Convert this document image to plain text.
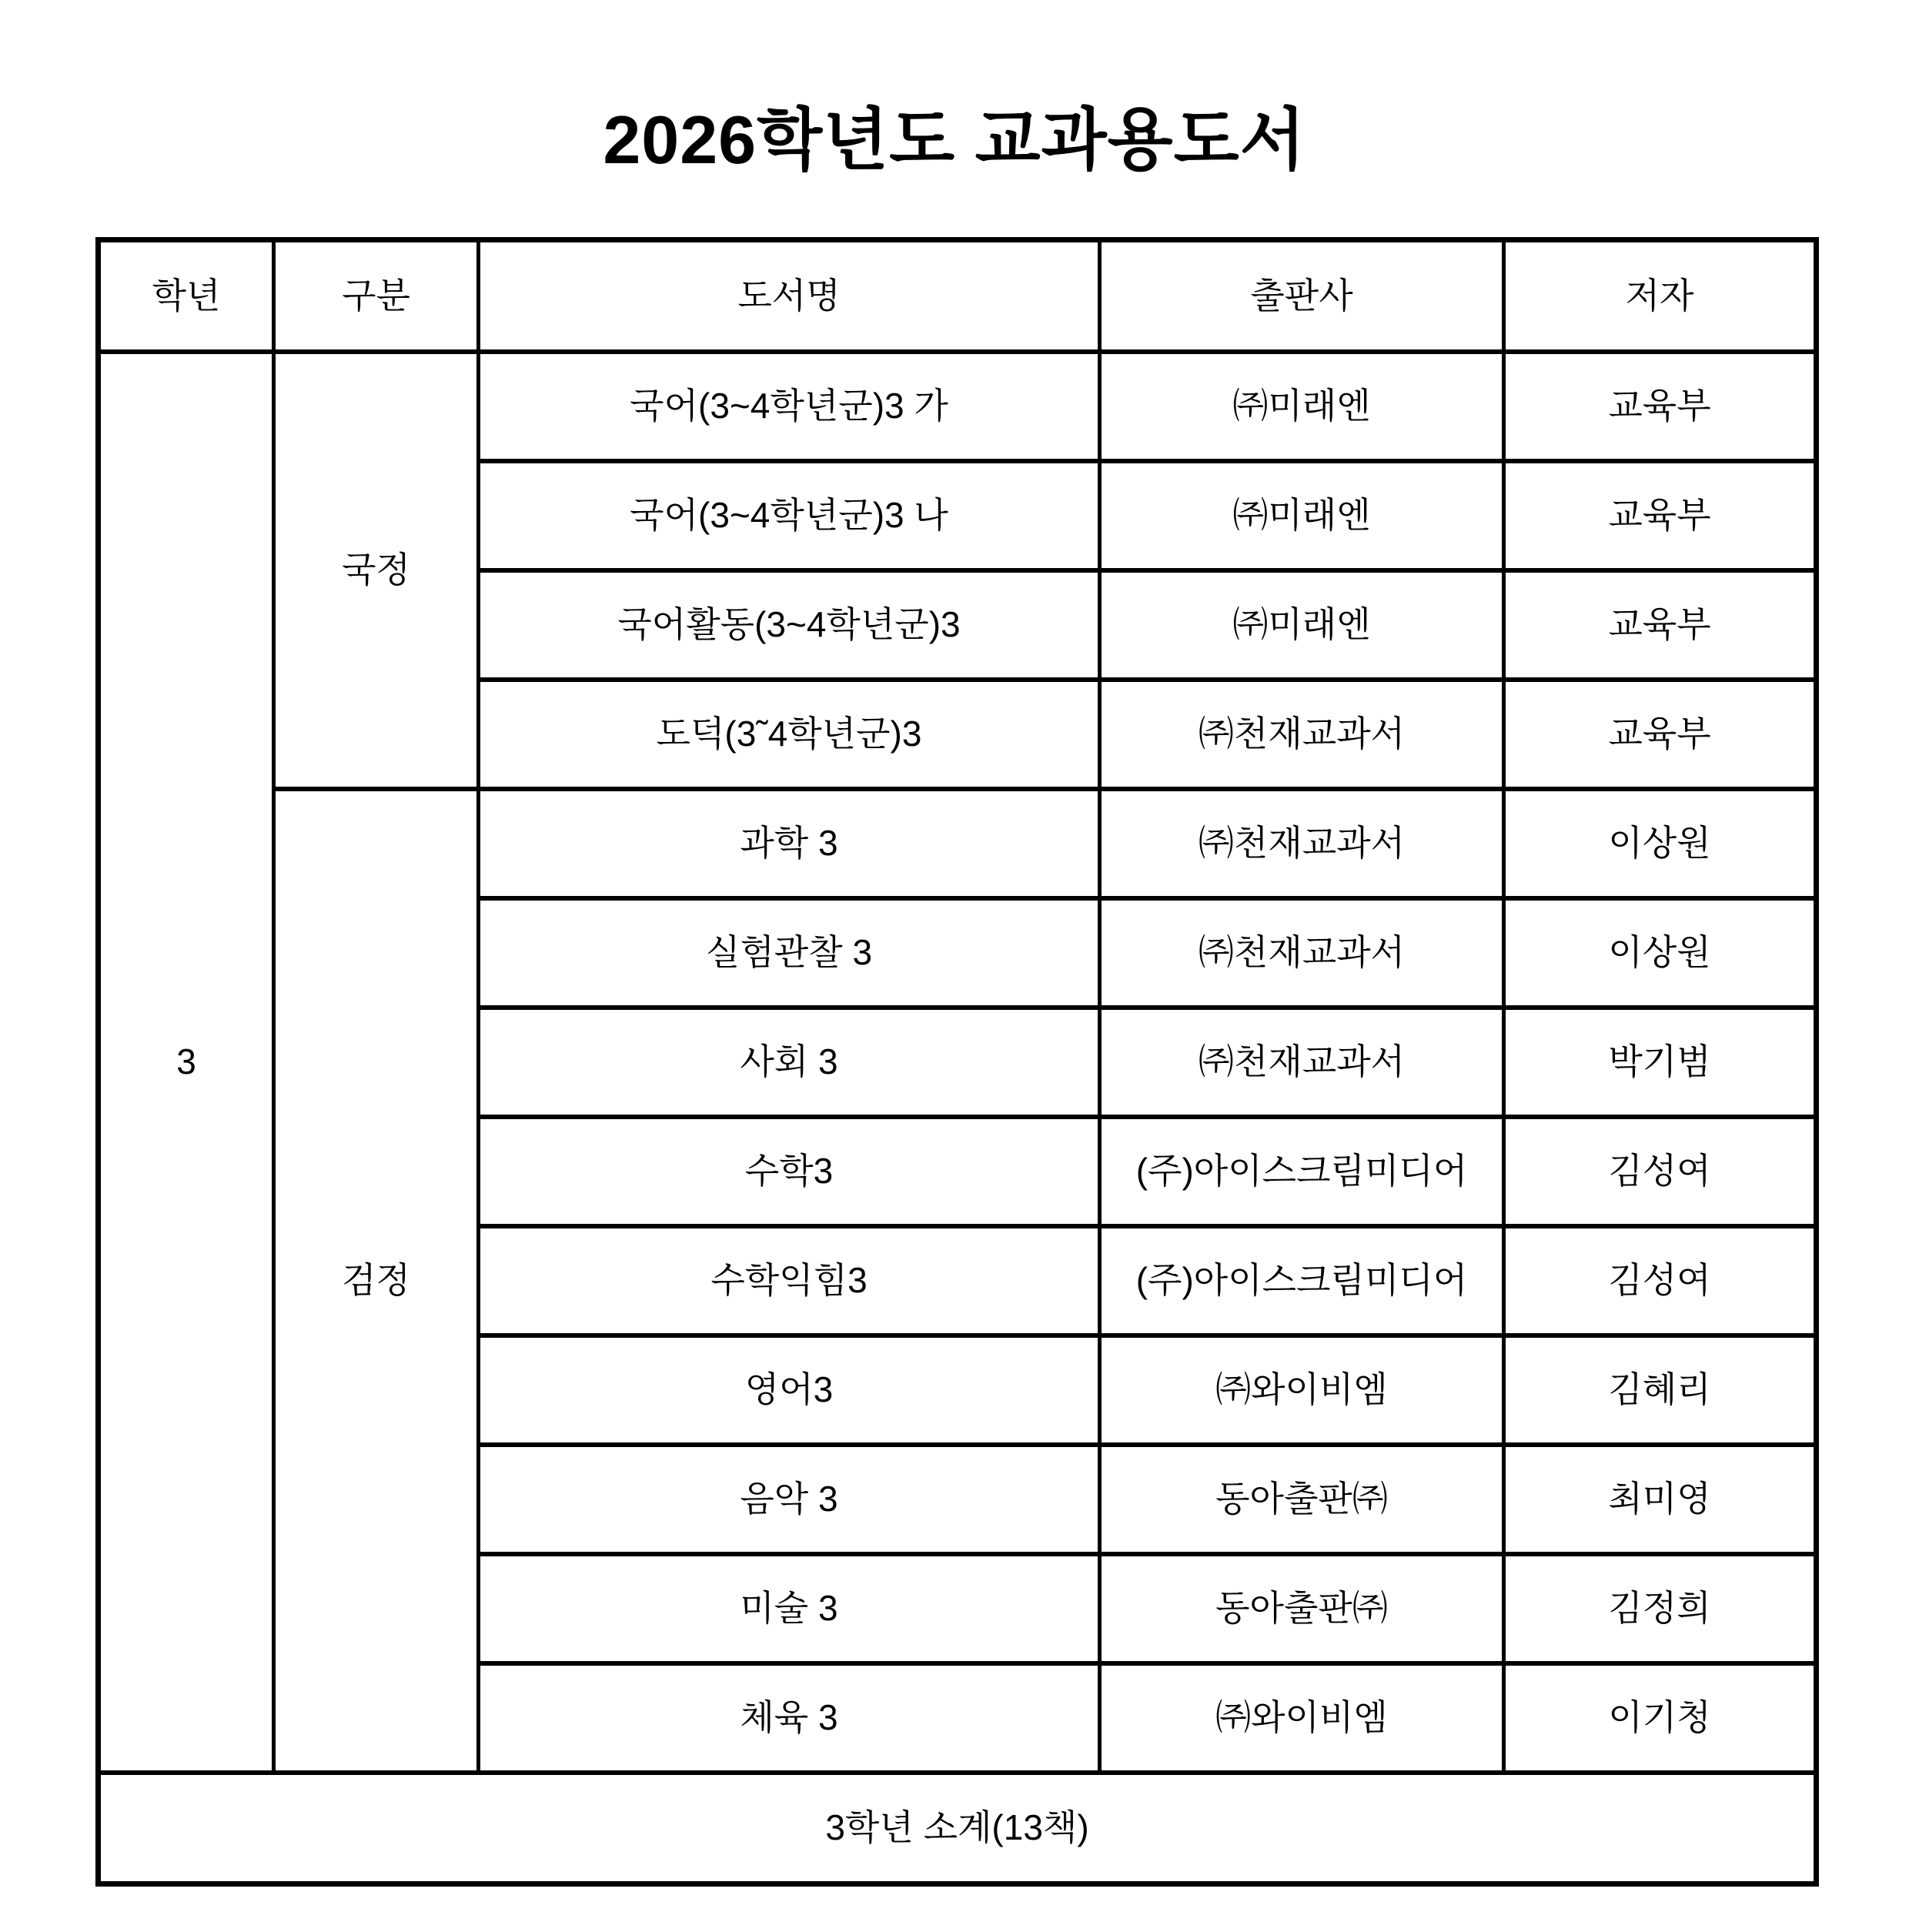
2026학년도 교과용도서
학년	구분	도서명	출판사	저자
3	국정	국어(3~4학년군)3 가	㈜미래엔	교육부
		국어(3~4학년군)3 나	㈜미래엔	교육부
		국어활동(3~4학년군)3	㈜미래엔	교육부
		도덕(3˜4학년군)3	㈜천재교과서	교육부
	검정	과학 3	㈜천재교과서	이상원
		실험관찰 3	㈜천재교과서	이상원
		사회 3	㈜천재교과서	박기범
		수학3	(주)아이스크림미디어	김성여
		수학익힘3	(주)아이스크림미디어	김성여
		영어3	㈜와이비엠	김혜리
		음악 3	동아출판㈜	최미영
		미술 3	동아출판㈜	김정희
		체육 3	㈜와이비엠	이기청
3학년 소계(13책)				
